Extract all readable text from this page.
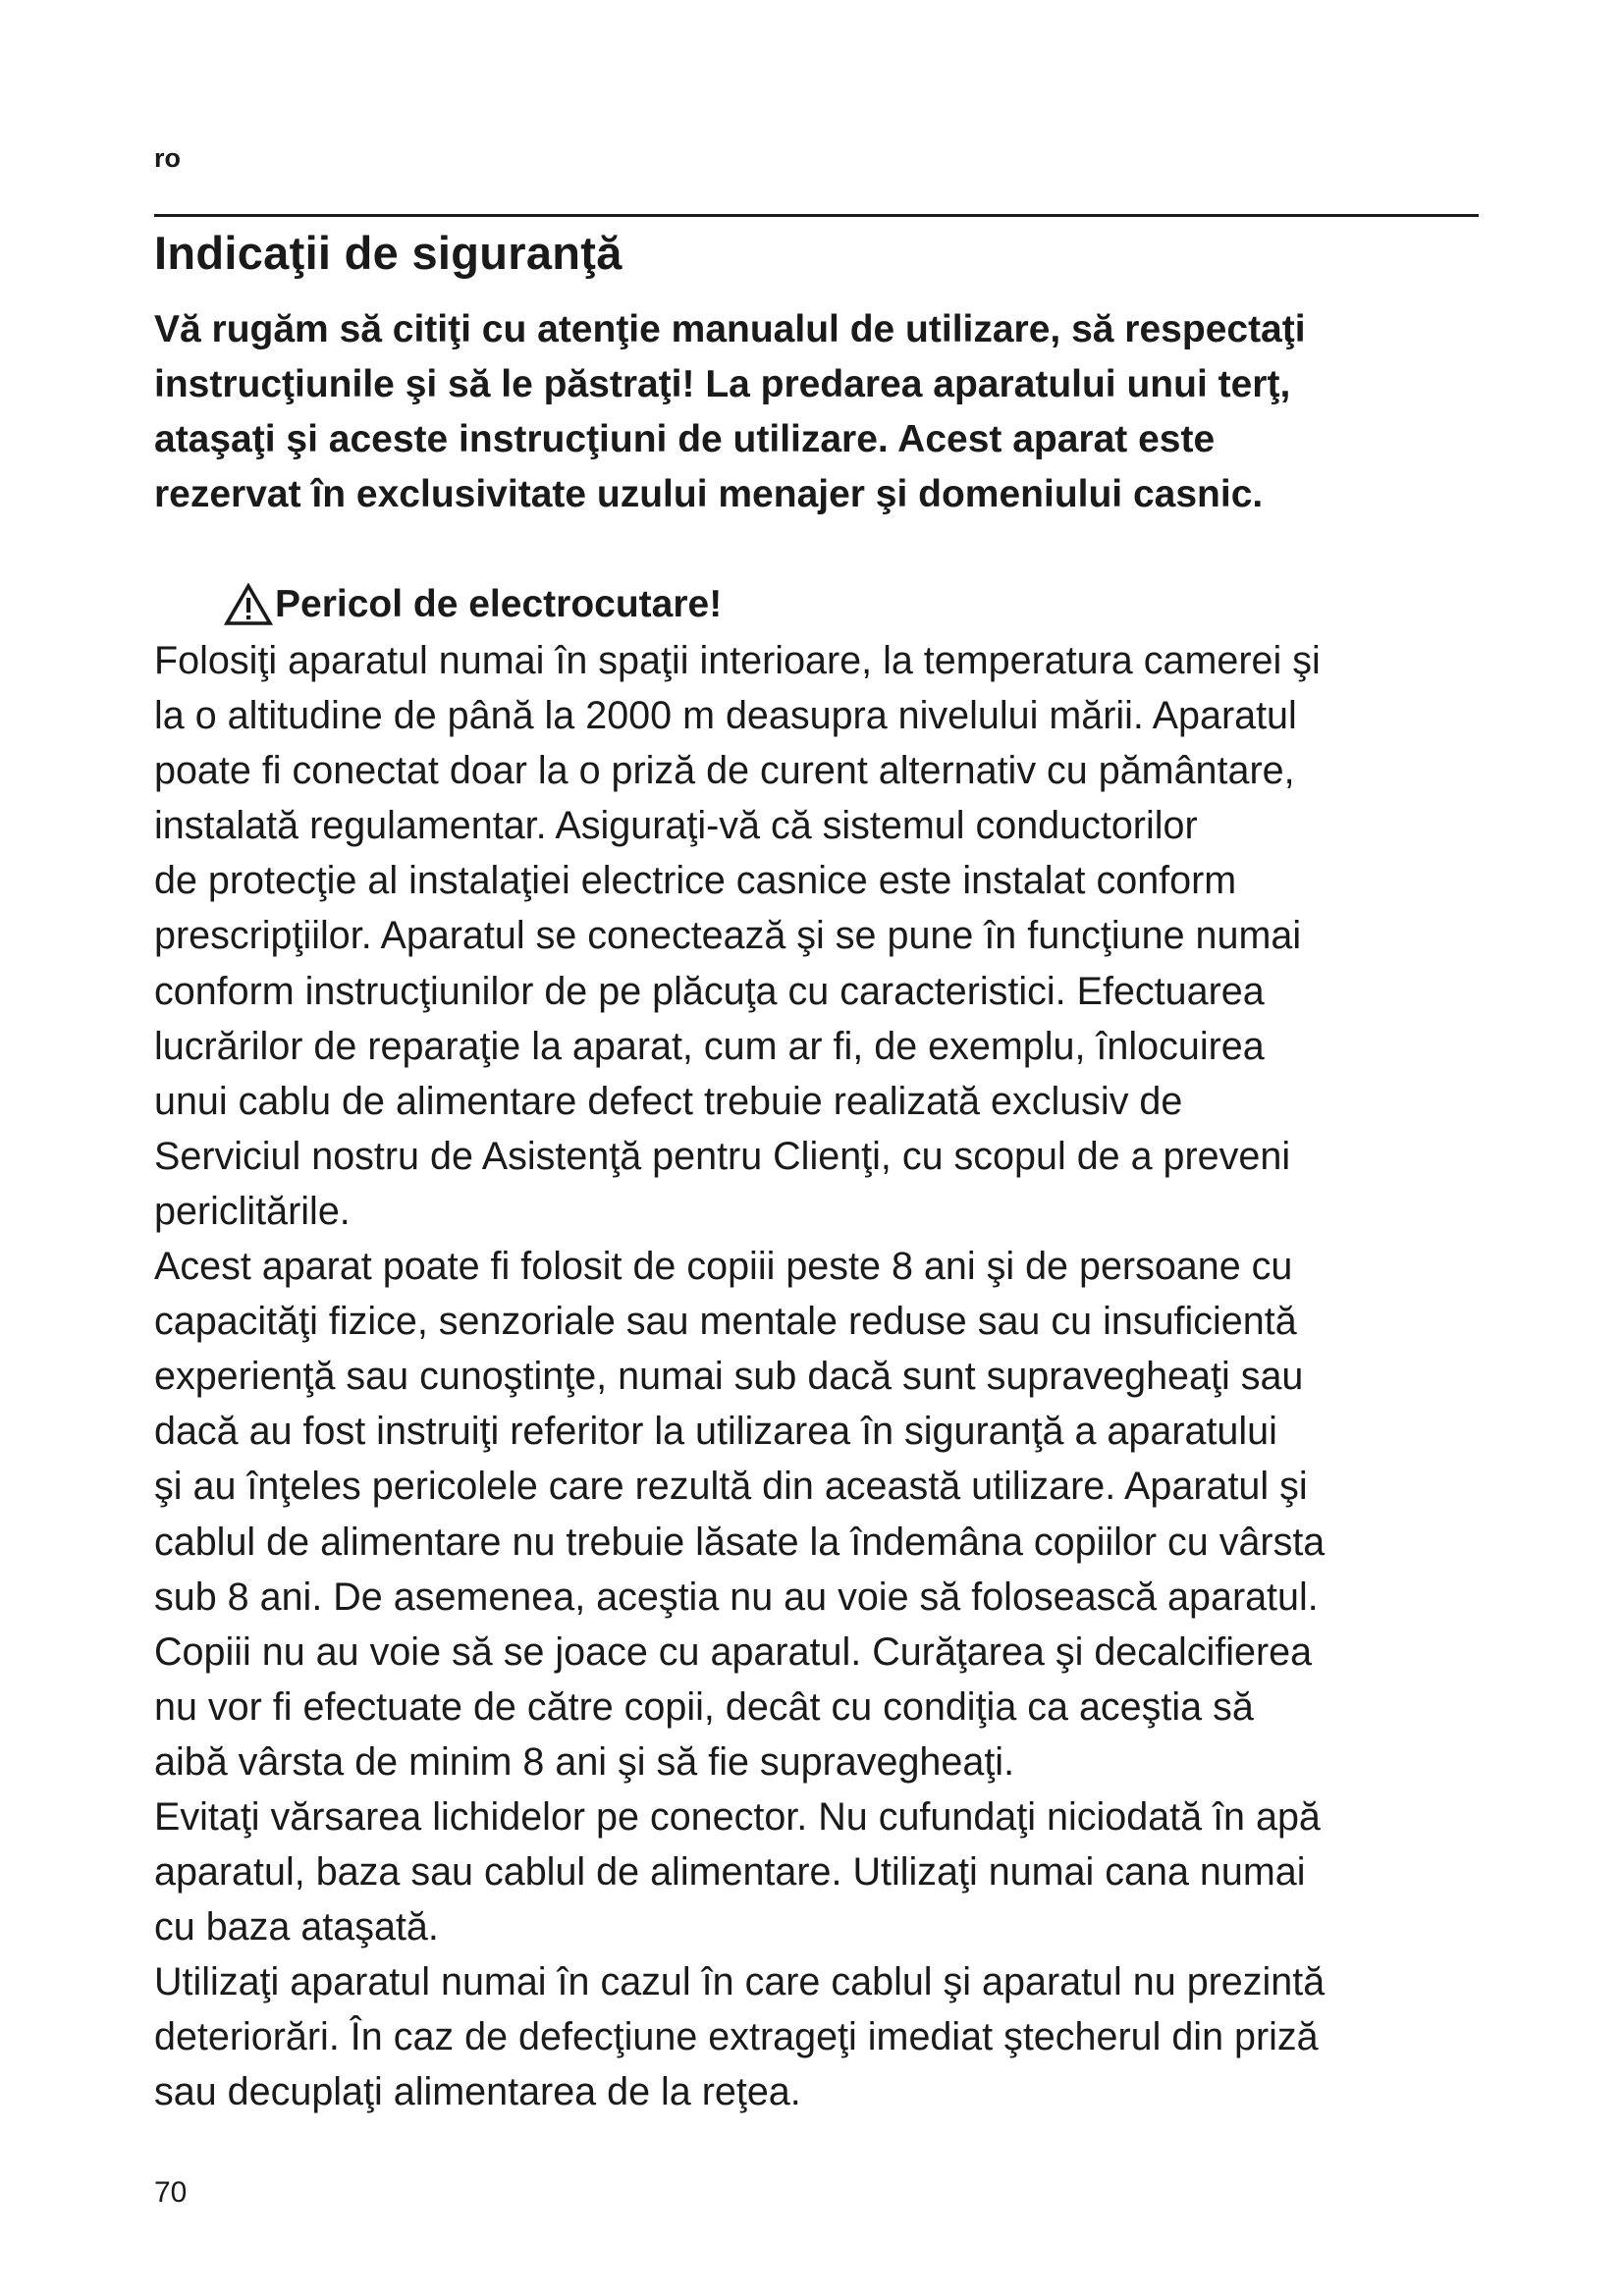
ro
Indicaţii de siguranţă

Vă rugăm să citiţi cu atenţie manualul de utilizare, să respectaţi
instrucţiunile şi să le păstraţi! La predarea aparatului unui terţ,
ataşaţi şi aceste instrucţiuni de utilizare. Acest aparat este
rezervat în exclusivitate uzului menajer şi domeniului casnic.

Pericol de electrocutare!
Folosiţi aparatul numai în spaţii interioare, la temperatura camerei şi
la o altitudine de până la 2000 m deasupra nivelului mării. Aparatul
poate fi conectat doar la o priză de curent alternativ cu pământare,
instalată regulamentar. Asiguraţi-vă că sistemul conductorilor
de protecţie al instalaţiei electrice casnice este instalat conform
prescripţiilor. Aparatul se conectează şi se pune în funcţiune numai
conform instrucţiunilor de pe plăcuţa cu caracteristici. Efectuarea
lucrărilor de reparaţie la aparat, cum ar fi, de exemplu, înlocuirea
unui cablu de alimentare defect trebuie realizată exclusiv de
Serviciul nostru de Asistenţă pentru Clienţi, cu scopul de a preveni
periclitările.
Acest aparat poate fi folosit de copiii peste 8 ani şi de persoane cu
capacităţi fizice, senzoriale sau mentale reduse sau cu insuficientă
experienţă sau cunoştinţe, numai sub dacă sunt supravegheaţi sau
dacă au fost instruiţi referitor la utilizarea în siguranţă a aparatului
şi au înţeles pericolele care rezultă din această utilizare. Aparatul şi
cablul de alimentare nu trebuie lăsate la îndemâna copiilor cu vârsta
sub 8 ani. De asemenea, aceştia nu au voie să folosească aparatul.
Copiii nu au voie să se joace cu aparatul. Curăţarea şi decalcifierea
nu vor fi efectuate de către copii, decât cu condiţia ca aceştia să
aibă vârsta de minim 8 ani şi să fie supravegheaţi.
Evitaţi vărsarea lichidelor pe conector. Nu cufundaţi niciodată în apă
aparatul, baza sau cablul de alimentare. Utilizaţi numai cana numai
cu baza ataşată.
Utilizaţi aparatul numai în cazul în care cablul şi aparatul nu prezintă
deteriorări. În caz de defecţiune extrageţi imediat ştecherul din priză
sau decuplaţi alimentarea de la reţea.
70
